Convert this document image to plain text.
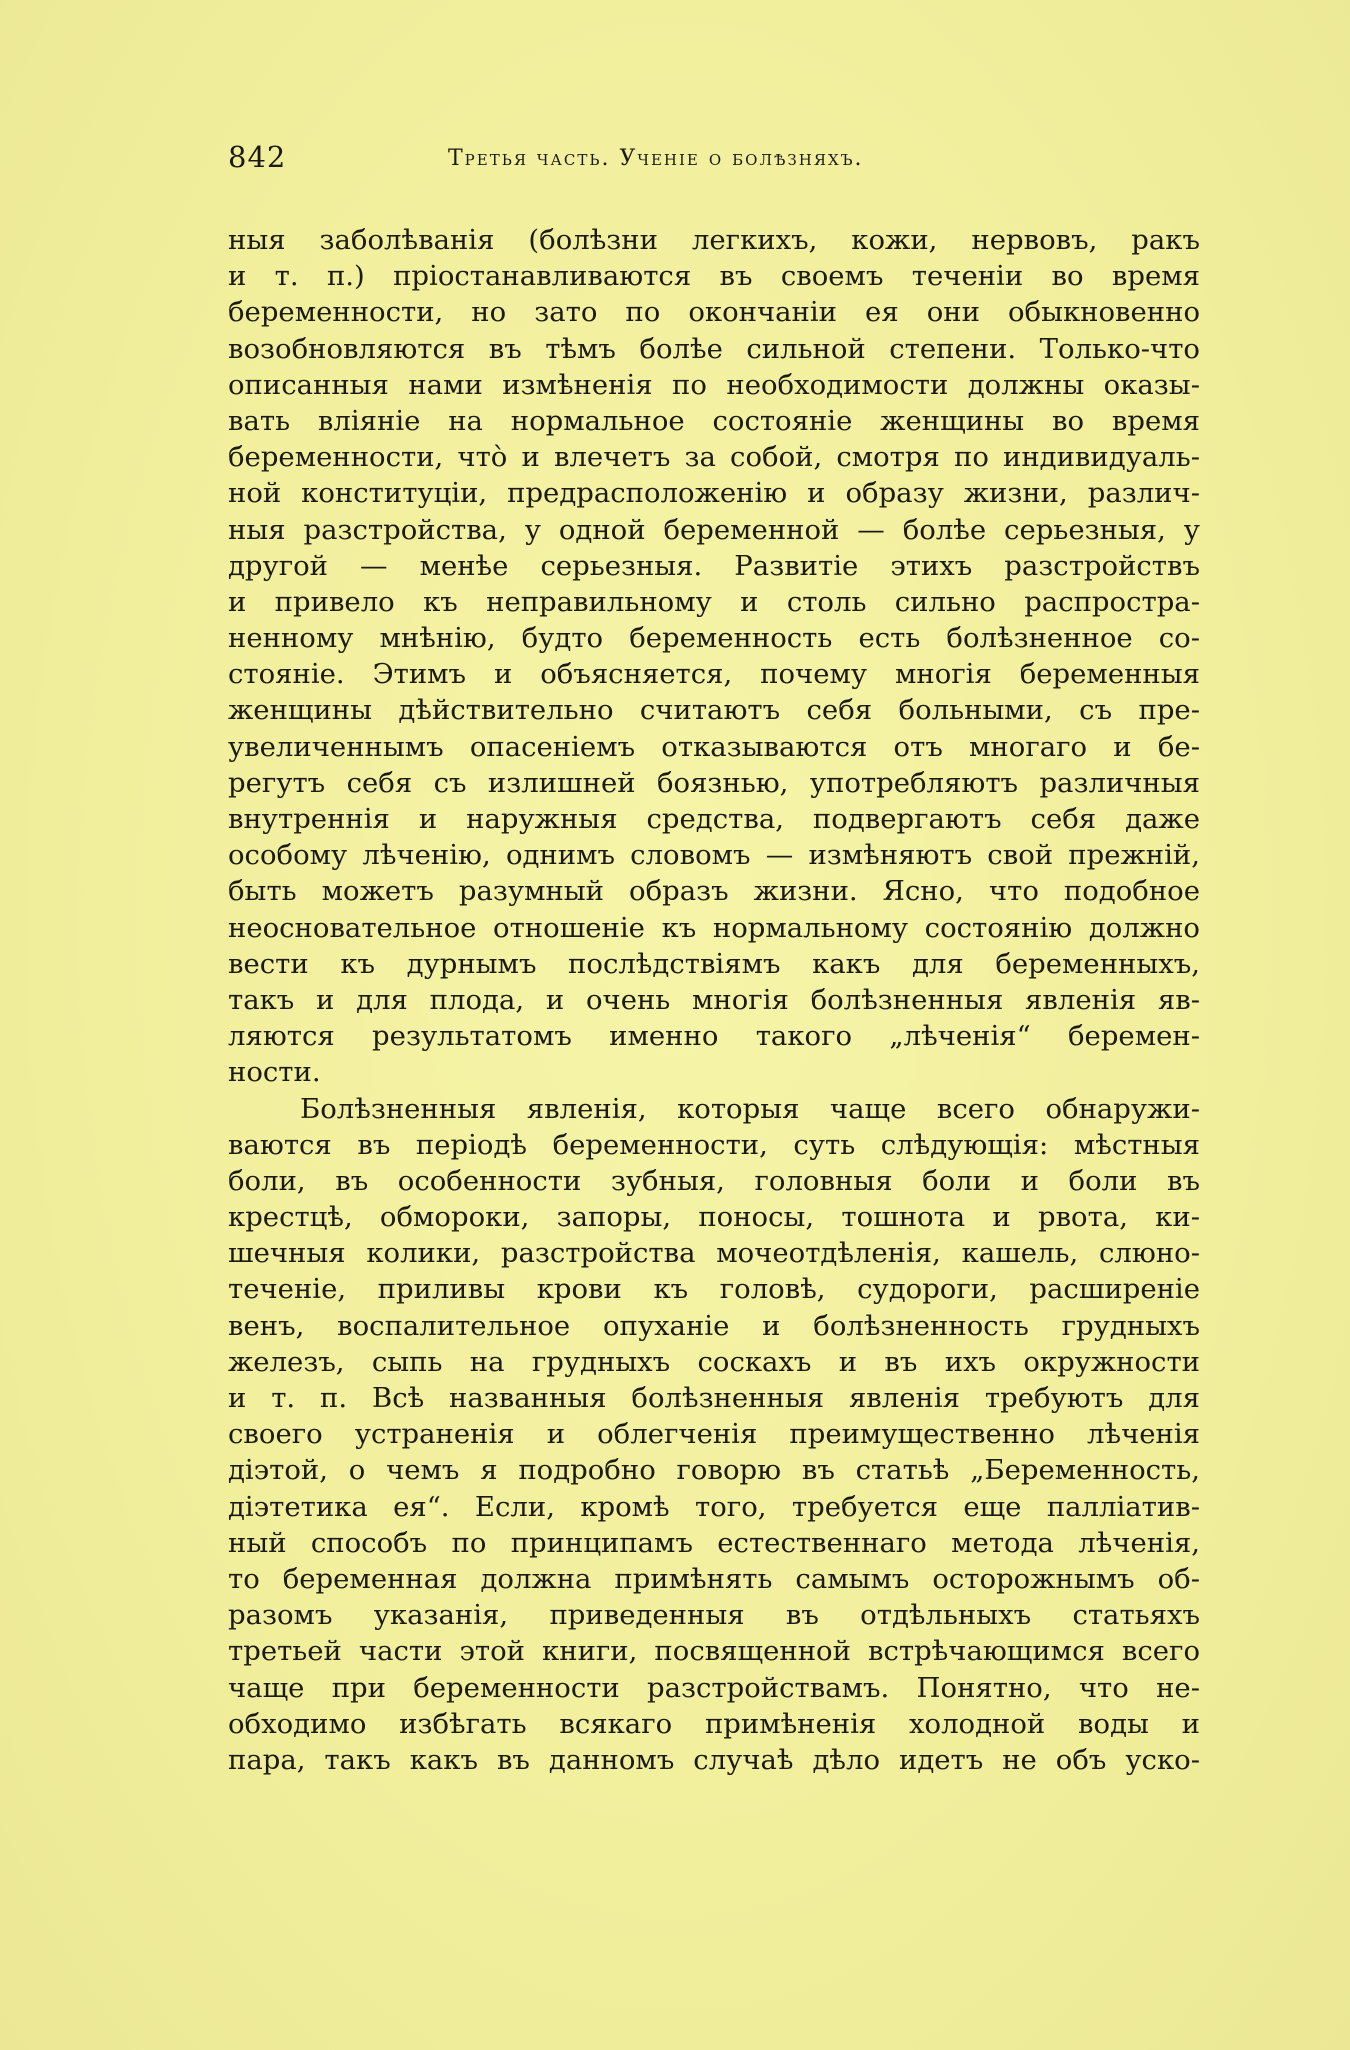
842	Третья часть. Ученіе о болѣзняхъ.
ныя заболѣванія (болѣзни легкихъ, кожи, нервовъ, ракъ
и т. п.) пріостанавливаются въ своемъ теченіи во время
беременности, но зато по окончаніи ея они обыкновенно
возобновляются въ тѣмъ болѣе сильной степени. Только-что
описанныя нами измѣненія по необходимости должны оказы-
вать вліяніе на нормальное состояніе женщины во время
беременности, что̀ и влечетъ за собой, смотря по индивидуаль-
ной конституціи, предрасположенію и образу жизни, различ-
ныя разстройства, у одной беременной — болѣе серьезныя, у
другой — менѣе серьезныя. Развитіе этихъ разстройствъ
и привело къ неправильному и столь сильно распростра-
ненному мнѣнію, будто беременность есть болѣзненное со-
стояніе. Этимъ и объясняется, почему многія беременныя
женщины дѣйствительно считаютъ себя больными, съ пре-
увеличеннымъ опасеніемъ отказываются отъ многаго и бе-
регутъ себя съ излишней боязнью, употребляютъ различныя
внутреннія и наружныя средства, подвергаютъ себя даже
особому лѣченію, однимъ словомъ — измѣняютъ свой прежній,
быть можетъ разумный образъ жизни. Ясно, что подобное
неосновательное отношеніе къ нормальному состоянію должно
вести къ дурнымъ послѣдствіямъ какъ для беременныхъ,
такъ и для плода, и очень многія болѣзненныя явленія яв-
ляются результатомъ именно такого „лѣченія“ беремен-
ности.
Болѣзненныя явленія, которыя чаще всего обнаружи-
ваются въ періодѣ беременности, суть слѣдующія: мѣстныя
боли, въ особенности зубныя, головныя боли и боли въ
крестцѣ, обмороки, запоры, поносы, тошнота и рвота, ки-
шечныя колики, разстройства мочеотдѣленія, кашель, слюно-
теченіе, приливы крови къ головѣ, судороги, расширеніе
венъ, воспалительное опуханіе и болѣзненность грудныхъ
железъ, сыпь на грудныхъ соскахъ и въ ихъ окружности
и т. п. Всѣ названныя болѣзненныя явленія требуютъ для
своего устраненія и облегченія преимущественно лѣченія
діэтой, о чемъ я подробно говорю въ статьѣ „Беременность,
діэтетика ея“. Если, кромѣ того, требуется еще палліатив-
ный способъ по принципамъ естественнаго метода лѣченія,
то беременная должна примѣнять самымъ осторожнымъ об-
разомъ указанія, приведенныя въ отдѣльныхъ статьяхъ
третьей части этой книги, посвященной встрѣчающимся всего
чаще при беременности разстройствамъ. Понятно, что не-
обходимо избѣгать всякаго примѣненія холодной воды и
пара, такъ какъ въ данномъ случаѣ дѣло идетъ не объ уско-
